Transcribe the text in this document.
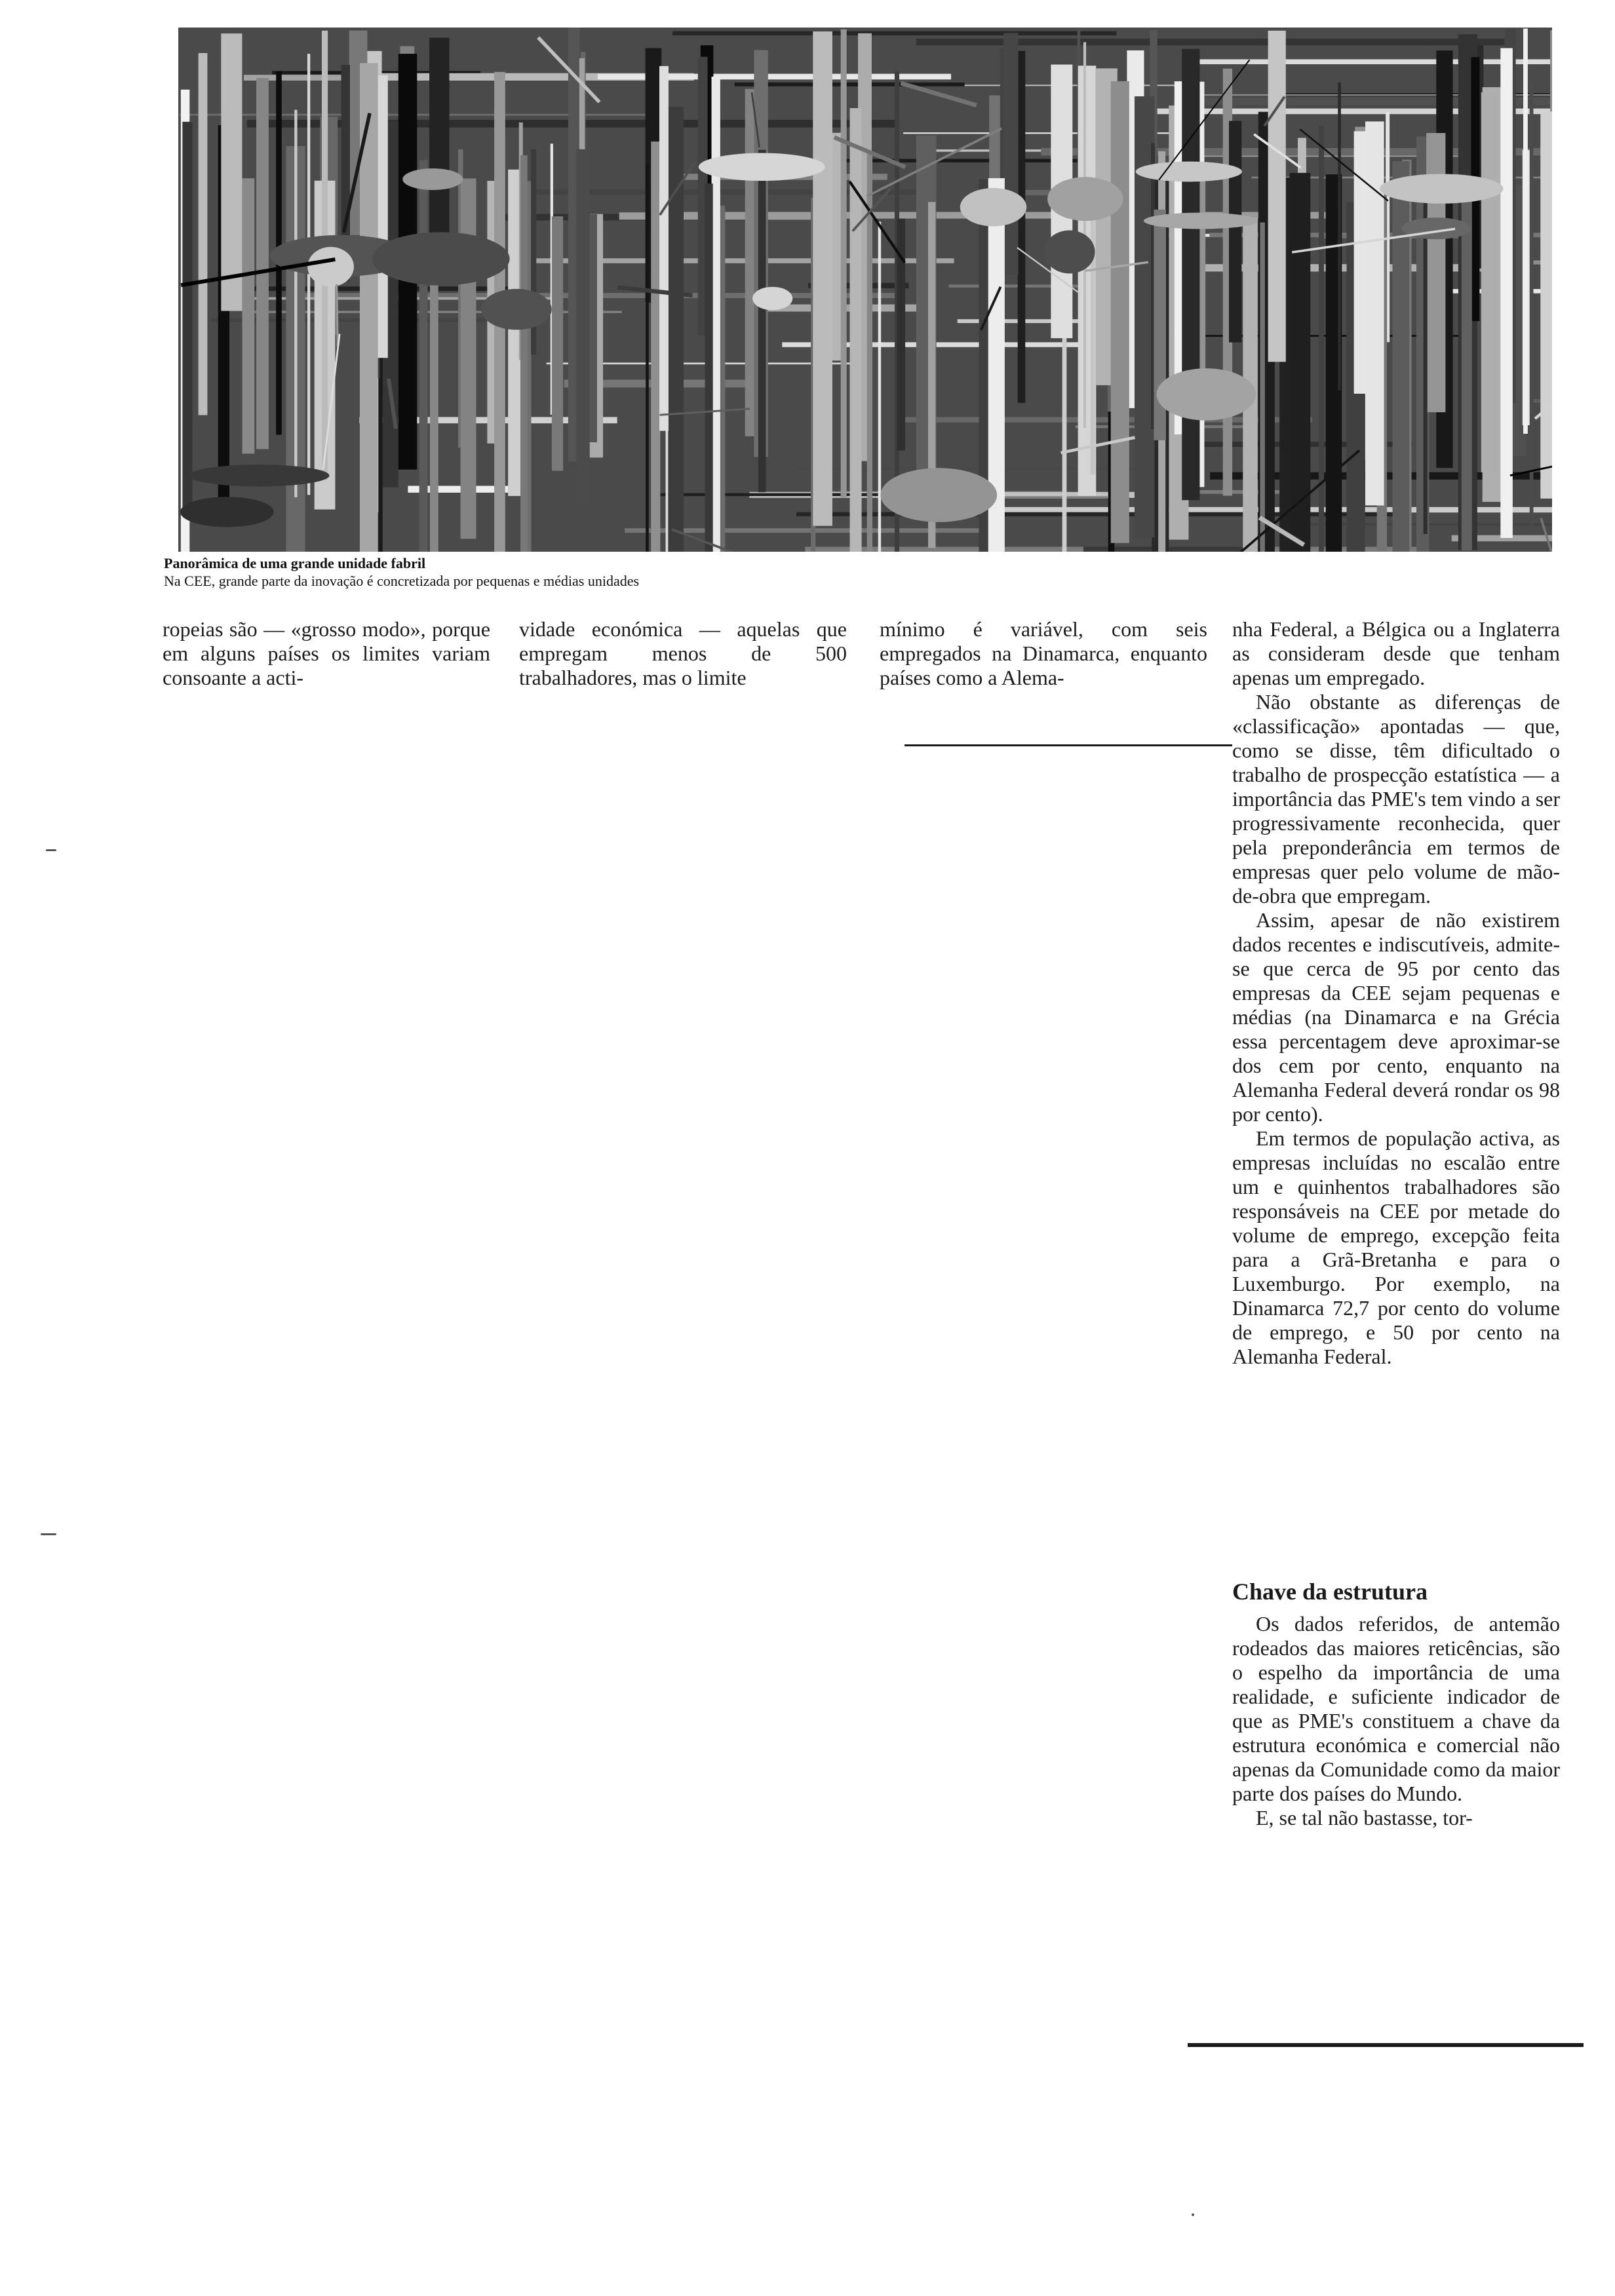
Panorâmica de uma grande unidade fabril
Na CEE, grande parte da inovação é concretizada por pequenas e médias unidades

ropeias são — «grosso modo», porque em alguns países os limites variam consoante a acti-

vidade económica — aquelas que empregam menos de 500 trabalhadores, mas o limite

mínimo é variável, com seis empregados na Dinamarca, enquanto países como a Alema-

nha Federal, a Bélgica ou a Inglaterra as consideram desde que tenham apenas um empregado.

Não obstante as diferenças de «classificação» apontadas — que, como se disse, têm dificultado o trabalho de prospecção estatística — a importância das PME's tem vindo a ser progressivamente reconhecida, quer pela preponderância em termos de empresas quer pelo volume de mão-de-obra que empregam.

Assim, apesar de não existirem dados recentes e indiscutíveis, admite-se que cerca de 95 por cento das empresas da CEE sejam pequenas e médias (na Dinamarca e na Grécia essa percentagem deve aproximar-se dos cem por cento, enquanto na Alemanha Federal deverá rondar os 98 por cento).

Em termos de população activa, as empresas incluídas no escalão entre um e quinhentos trabalhadores são responsáveis na CEE por metade do volume de emprego, excepção feita para a Grã-Bretanha e para o Luxemburgo. Por exemplo, na Dinamarca 72,7 por cento do volume de emprego, e 50 por cento na Alemanha Federal.

Chave da estrutura

Os dados referidos, de antemão rodeados das maiores reticências, são o espelho da importância de uma realidade, e suficiente indicador de que as PME's constituem a chave da estrutura económica e comercial não apenas da Comunidade como da maior parte dos países do Mundo.

E, se tal não bastasse, tor-
